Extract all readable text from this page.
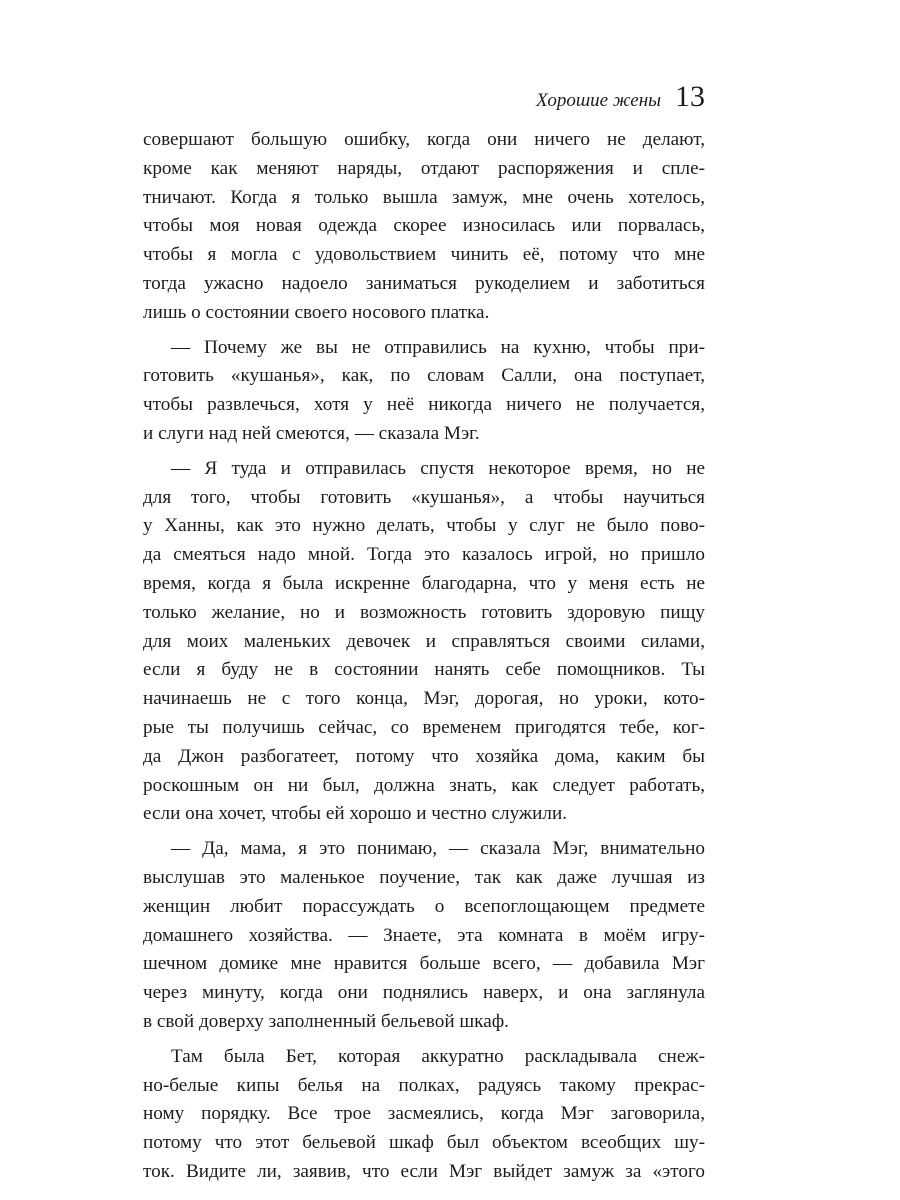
Хорошие жены 13
совершают большую ошибку, когда они ничего не делают,
кроме как меняют наряды, отдают распоряжения и спле-
тничают. Когда я только вышла замуж, мне очень хотелось,
чтобы моя новая одежда скорее износилась или порвалась,
чтобы я могла с удовольствием чинить её, потому что мне
тогда ужасно надоело заниматься рукоделием и заботиться
лишь о состоянии своего носового платка.
— Почему же вы не отправились на кухню, чтобы при-
готовить «кушанья», как, по словам Салли, она поступает,
чтобы развлечься, хотя у неё никогда ничего не получается,
и слуги над ней смеются, — сказала Мэг.
— Я туда и отправилась спустя некоторое время, но не
для того, чтобы готовить «кушанья», а чтобы научиться
у Ханны, как это нужно делать, чтобы у слуг не было пово-
да смеяться надо мной. Тогда это казалось игрой, но пришло
время, когда я была искренне благодарна, что у меня есть не
только желание, но и возможность готовить здоровую пищу
для моих маленьких девочек и справляться своими силами,
если я буду не в состоянии нанять себе помощников. Ты
начинаешь не с того конца, Мэг, дорогая, но уроки, кото-
рые ты получишь сейчас, со временем пригодятся тебе, ког-
да Джон разбогатеет, потому что хозяйка дома, каким бы
роскошным он ни был, должна знать, как следует работать,
если она хочет, чтобы ей хорошо и честно служили.
— Да, мама, я это понимаю, — сказала Мэг, внимательно
выслушав это маленькое поучение, так как даже лучшая из
женщин любит порассуждать о всепоглощающем предмете
домашнего хозяйства. — Знаете, эта комната в моём игру-
шечном домике мне нравится больше всего, — добавила Мэг
через минуту, когда они поднялись наверх, и она заглянула
в свой доверху заполненный бельевой шкаф.
Там была Бет, которая аккуратно раскладывала снеж-
но-белые кипы белья на полках, радуясь такому прекрас-
ному порядку. Все трое засмеялись, когда Мэг заговорила,
потому что этот бельевой шкаф был объектом всеобщих шу-
ток. Видите ли, заявив, что если Мэг выйдет замуж за «этого
